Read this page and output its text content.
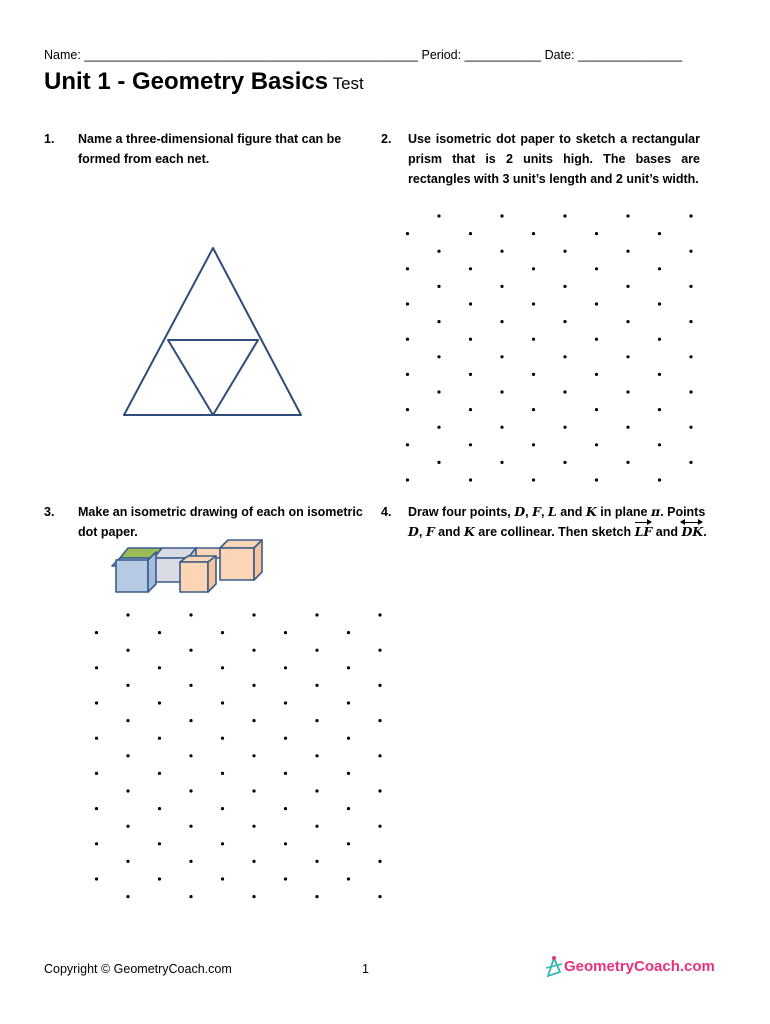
Name: ________________________________________________ Period: ___________ Date: _______________
Unit 1 - Geometry Basics Test
1. Name a three-dimensional figure that can be formed from each net.
2. Use isometric dot paper to sketch a rectangular prism that is 2 units high. The bases are rectangles with 3 unit’s length and 2 unit’s width.
3. Make an isometric drawing of each on isometric dot paper.
4. Draw four points, D, F, L and K in plane π. Points
D, F and K are collinear. Then sketch LF and DK.
Copyright © GeometryCoach.com	1	GeometryCoach.com
